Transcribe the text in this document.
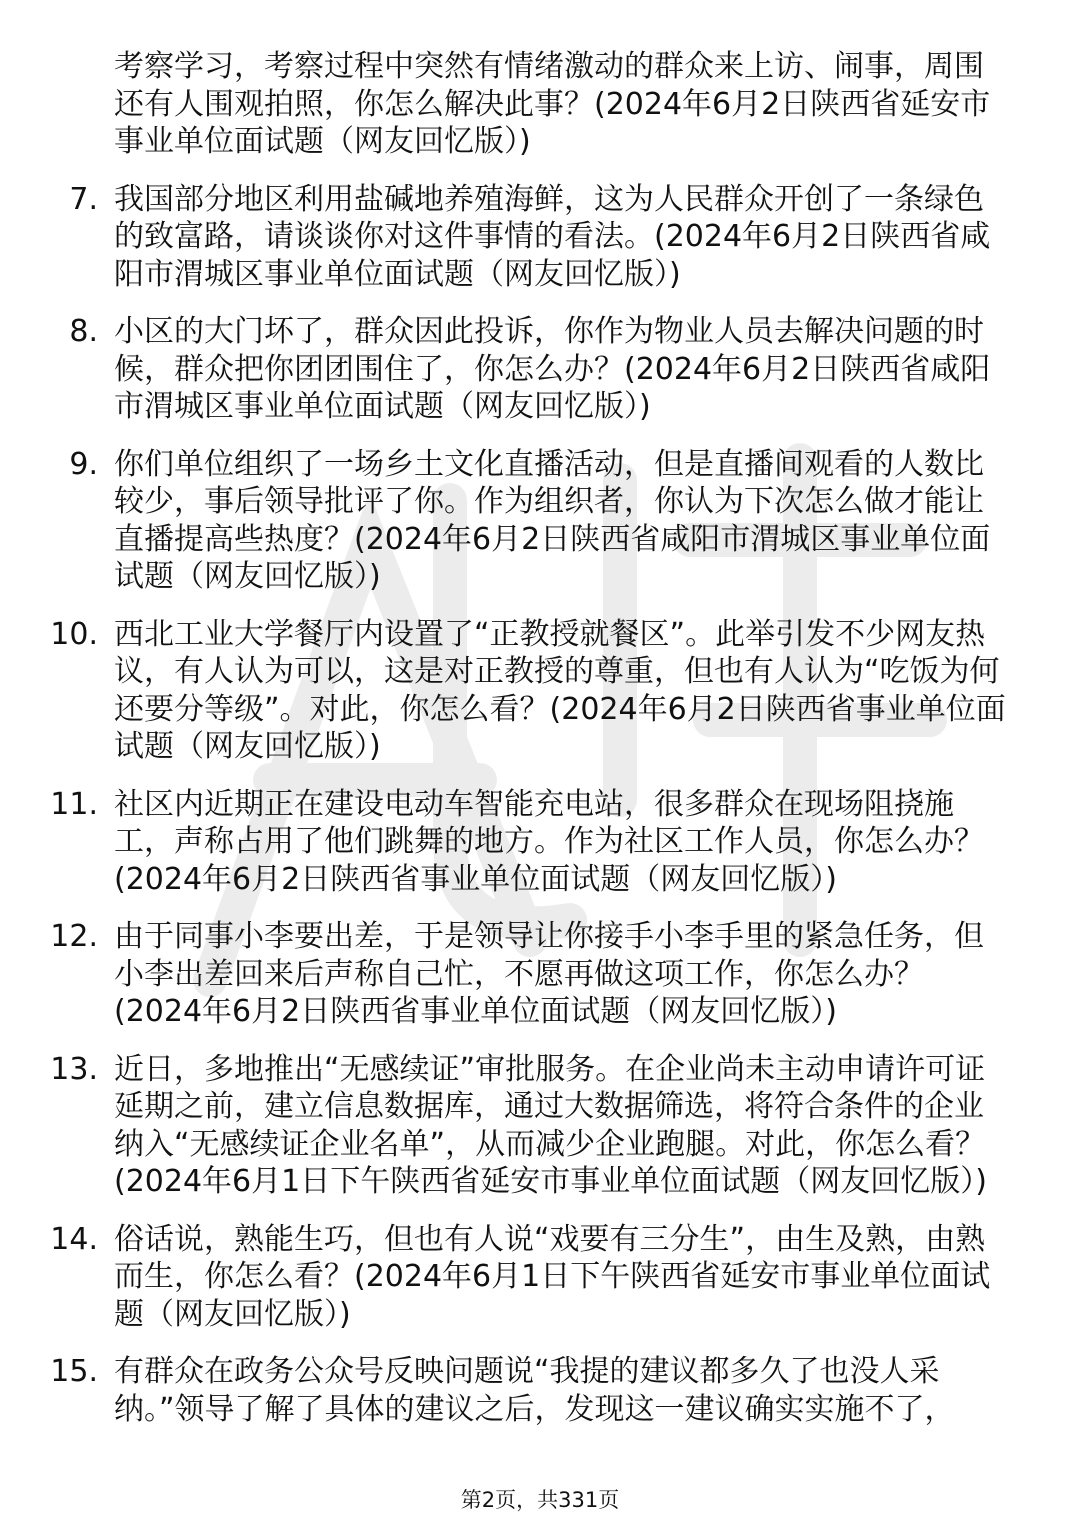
考察学习，考察过程中突然有情绪激动的群众来上访、闹事，周围还有人围观拍照，你怎么解决此事？(2024年6月2日陕西省延安市事业单位面试题（网友回忆版）)
7. 我国部分地区利用盐碱地养殖海鲜，这为人民群众开创了一条绿色的致富路，请谈谈你对这件事情的看法。(2024年6月2日陕西省咸阳市渭城区事业单位面试题（网友回忆版）)
8. 小区的大门坏了，群众因此投诉，你作为物业人员去解决问题的时候，群众把你团团围住了，你怎么办？(2024年6月2日陕西省咸阳市渭城区事业单位面试题（网友回忆版）)
9. 你们单位组织了一场乡土文化直播活动，但是直播间观看的人数比较少，事后领导批评了你。作为组织者，你认为下次怎么做才能让直播提高些热度？(2024年6月2日陕西省咸阳市渭城区事业单位面试题（网友回忆版）)
10. 西北工业大学餐厅内设置了“正教授就餐区”。此举引发不少网友热议，有人认为可以，这是对正教授的尊重，但也有人认为“吃饭为何还要分等级”。对此，你怎么看？(2024年6月2日陕西省事业单位面试题（网友回忆版）)
11. 社区内近期正在建设电动车智能充电站，很多群众在现场阻挠施工，声称占用了他们跳舞的地方。作为社区工作人员，你怎么办？(2024年6月2日陕西省事业单位面试题（网友回忆版）)
12. 由于同事小李要出差，于是领导让你接手小李手里的紧急任务，但小李出差回来后声称自己忙，不愿再做这项工作，你怎么办？(2024年6月2日陕西省事业单位面试题（网友回忆版）)
13. 近日，多地推出“无感续证”审批服务。在企业尚未主动申请许可证延期之前，建立信息数据库，通过大数据筛选，将符合条件的企业纳入“无感续证企业名单”，从而减少企业跑腿。对此，你怎么看？(2024年6月1日下午陕西省延安市事业单位面试题（网友回忆版）)
14. 俗话说，熟能生巧，但也有人说“戏要有三分生”，由生及熟，由熟而生，你怎么看？(2024年6月1日下午陕西省延安市事业单位面试题（网友回忆版）)
15. 有群众在政务公众号反映问题说“我提的建议都多久了也没人采纳。”领导了解了具体的建议之后，发现这一建议确实实施不了，
第2页，共331页
